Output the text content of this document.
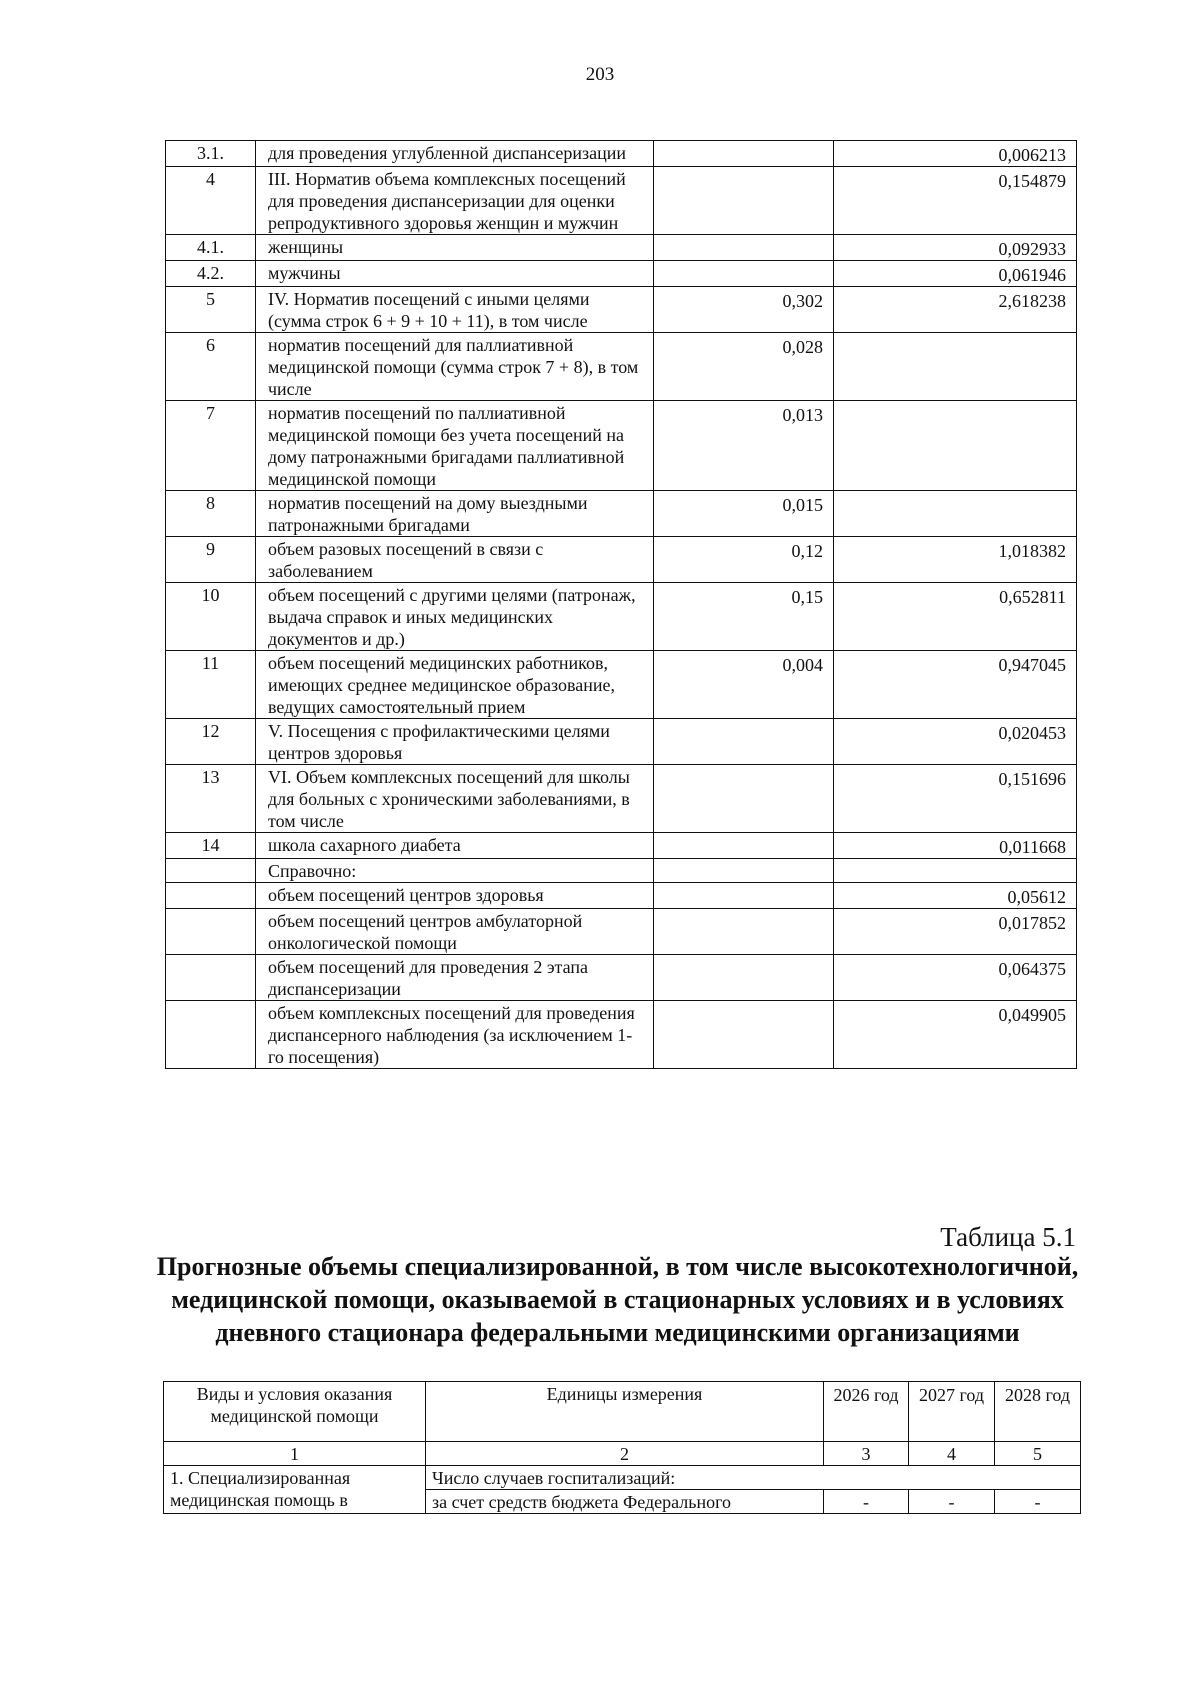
203
3.1.	для проведения углубленной диспансеризации		0,006213
4	III. Норматив объема комплексных посещений для проведения диспансеризации для оценки репродуктивного здоровья женщин и мужчин		0,154879
4.1.	женщины		0,092933
4.2.	мужчины		0,061946
5	IV. Норматив посещений с иными целями (сумма строк 6 + 9 + 10 + 11), в том числе	0,302	2,618238
6	норматив посещений для паллиативной медицинской помощи (сумма строк 7 + 8), в том числе	0,028	
7	норматив посещений по паллиативной медицинской помощи без учета посещений на дому патронажными бригадами паллиативной медицинской помощи	0,013	
8	норматив посещений на дому выездными патронажными бригадами	0,015	
9	объем разовых посещений в связи с заболеванием	0,12	1,018382
10	объем посещений с другими целями (патронаж, выдача справок и иных медицинских документов и др.)	0,15	0,652811
11	объем посещений медицинских работников, имеющих среднее медицинское образование, ведущих самостоятельный прием	0,004	0,947045
12	V. Посещения с профилактическими целями центров здоровья		0,020453
13	VI. Объем комплексных посещений для школы для больных с хроническими заболеваниями, в том числе		0,151696
14	школа сахарного диабета		0,011668
	Справочно:		
	объем посещений центров здоровья		0,05612
	объем посещений центров амбулаторной онкологической помощи		0,017852
	объем посещений для проведения 2 этапа диспансеризации		0,064375
	объем комплексных посещений для проведения диспансерного наблюдения (за исключением 1-го посещения)		0,049905
Таблица 5.1
Прогнозные объемы специализированной, в том числе высокотехнологичной, медицинской помощи, оказываемой в стационарных условиях и в условиях дневного стационара федеральными медицинскими организациями
Виды и условия оказания медицинской помощи	Единицы измерения	2026 год	2027 год	2028 год
1	2	3	4	5
1. Специализированная медицинская помощь в	Число случаев госпитализаций:			
	за счет средств бюджета Федерального	-	-	-
